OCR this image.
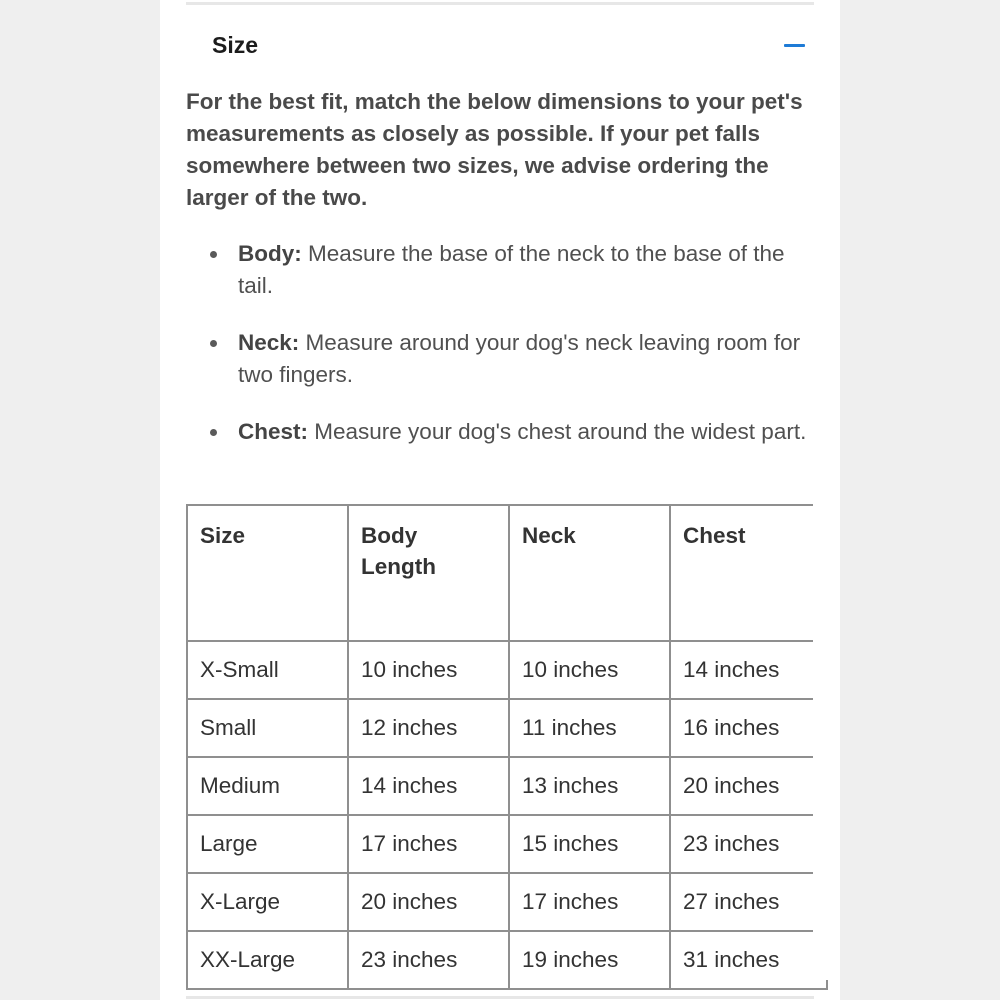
Size

For the best fit, match the below dimensions to your pet's measurements as closely as possible. If your pet falls somewhere between two sizes, we advise ordering the larger of the two.

Body: Measure the base of the neck to the base of the tail.
Neck: Measure around your dog's neck leaving room for two fingers.
Chest: Measure your dog's chest around the widest part.
Size	Body Length	Neck	Chest
X-Small	10 inches	10 inches	14 inches
Small	12 inches	11 inches	16 inches
Medium	14 inches	13 inches	20 inches
Large	17 inches	15 inches	23 inches
X-Large	20 inches	17 inches	27 inches
XX-Large	23 inches	19 inches	31 inches
